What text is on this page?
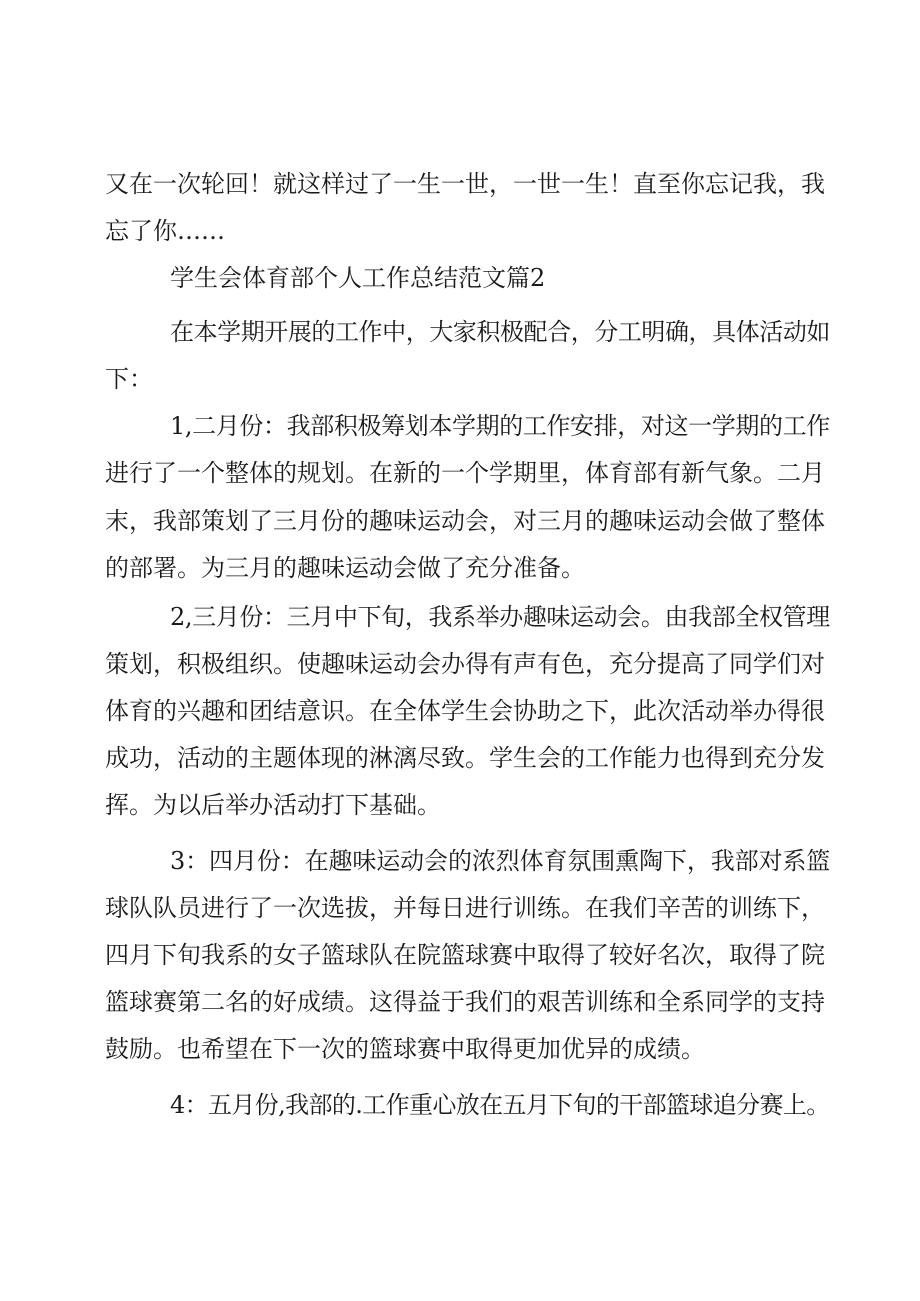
又在一次轮回！就这样过了一生一世，一世一生！直至你忘记我，我

忘了你……

学生会体育部个人工作总结范文篇2

在本学期开展的工作中，大家积极配合，分工明确，具体活动如

下：

1,二月份：我部积极筹划本学期的工作安排，对这一学期的工作

进行了一个整体的规划。在新的一个学期里，体育部有新气象。二月

末，我部策划了三月份的趣味运动会，对三月的趣味运动会做了整体

的部署。为三月的趣味运动会做了充分准备。

2,三月份：三月中下旬，我系举办趣味运动会。由我部全权管理

策划，积极组织。使趣味运动会办得有声有色，充分提高了同学们对

体育的兴趣和团结意识。在全体学生会协助之下，此次活动举办得很

成功，活动的主题体现的淋漓尽致。学生会的工作能力也得到充分发

挥。为以后举办活动打下基础。

3：四月份：在趣味运动会的浓烈体育氛围熏陶下，我部对系篮

球队队员进行了一次选拔，并每日进行训练。在我们辛苦的训练下，

四月下旬我系的女子篮球队在院篮球赛中取得了较好名次，取得了院

篮球赛第二名的好成绩。这得益于我们的艰苦训练和全系同学的支持

鼓励。也希望在下一次的篮球赛中取得更加优异的成绩。

4：五月份,我部的.工作重心放在五月下旬的干部篮球追分赛上。
